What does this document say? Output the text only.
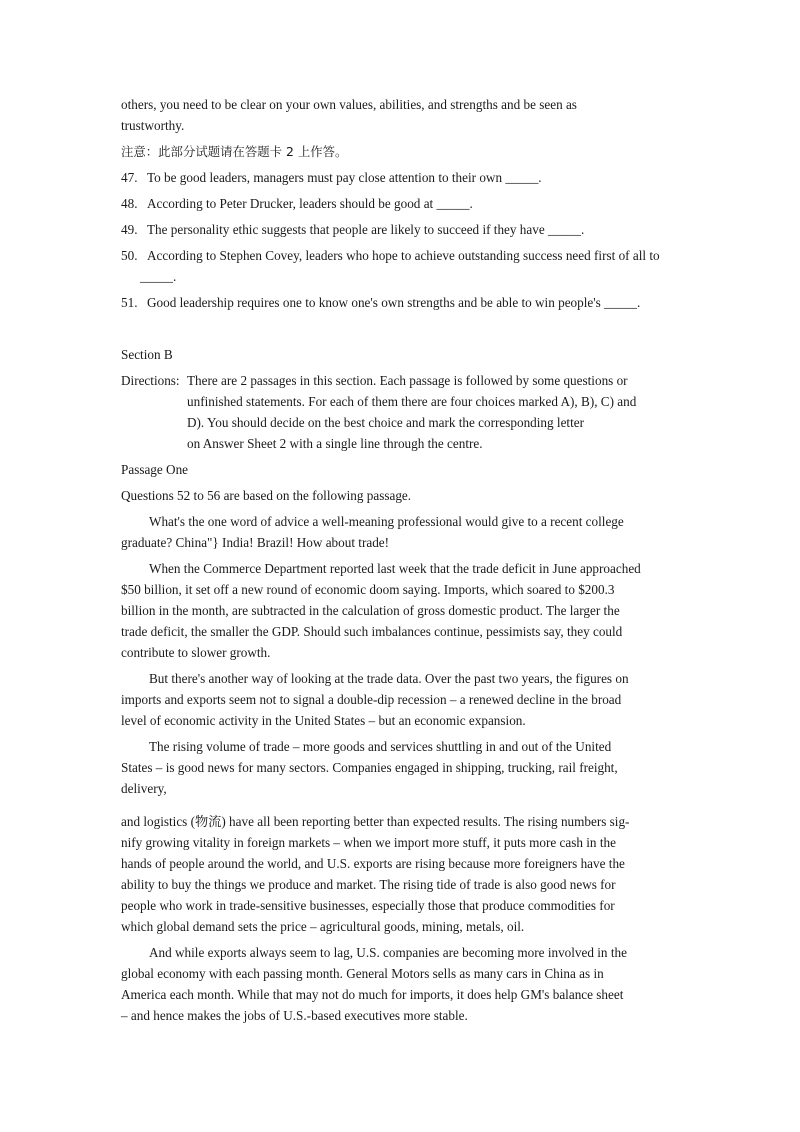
others, you need to be clear on your own values, abilities, and strengths and be seen as
trustworthy.

注意：此部分试题请在答题卡 2 上作答。

47. To be good leaders, managers must pay close attention to their own _____.

48. According to Peter Drucker, leaders should be good at _____.

49. The personality ethic suggests that people are likely to succeed if they have _____.

50. According to Stephen Covey, leaders who hope to achieve outstanding success need first of all to _____.

51. Good leadership requires one to know one's own strengths and be able to win people's _____.

Section B

Directions: There are 2 passages in this section. Each passage is followed by some questions or
unfinished statements. For each of them there are four choices marked A), B), C) and
D). You should decide on the best choice and mark the corresponding letter
on Answer Sheet 2 with a single line through the centre.

Passage One

Questions 52 to 56 are based on the following passage.

What's the one word of advice a well-meaning professional would give to a recent college
graduate? China"} India! Brazil! How about trade!

When the Commerce Department reported last week that the trade deficit in June approached
$50 billion, it set off a new round of economic doom saying. Imports, which soared to $200.3
billion in the month, are subtracted in the calculation of gross domestic product. The larger the
trade deficit, the smaller the GDP. Should such imbalances continue, pessimists say, they could
contribute to slower growth.

But there's another way of looking at the trade data. Over the past two years, the figures on
imports and exports seem not to signal a double-dip recession – a renewed decline in the broad
level of economic activity in the United States – but an economic expansion.

The rising volume of trade – more goods and services shuttling in and out of the United
States – is good news for many sectors. Companies engaged in shipping, trucking, rail freight,
delivery,

and logistics (物流) have all been reporting better than expected results. The rising numbers sig-
nify growing vitality in foreign markets – when we import more stuff, it puts more cash in the
hands of people around the world, and U.S. exports are rising because more foreigners have the
ability to buy the things we produce and market. The rising tide of trade is also good news for
people who work in trade-sensitive businesses, especially those that produce commodities for
which global demand sets the price – agricultural goods, mining, metals, oil.

And while exports always seem to lag, U.S. companies are becoming more involved in the
global economy with each passing month. General Motors sells as many cars in China as in
America each month. While that may not do much for imports, it does help GM's balance sheet
– and hence makes the jobs of U.S.-based executives more stable.
